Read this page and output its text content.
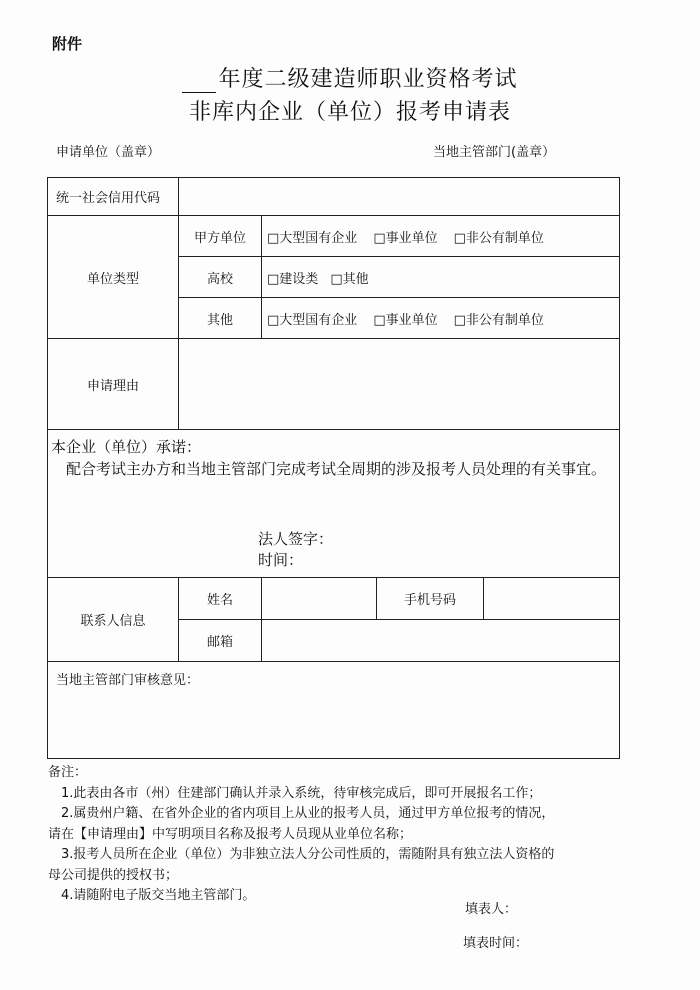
附件
年度二级建造师职业资格考试
非库内企业（单位）报考申请表
申请单位（盖章）	当地主管部门(盖章）
统一社会信用代码				
单位类型	甲方单位	□大型国有企业 □事业单位 □非公有制单位		
	高校	□建设类 □其他		
	其他	□大型国有企业 □事业单位 □非公有制单位		
申请理由				

本企业（单位）承诺：
配合考试主办方和当地主管部门完成考试全周期的涉及报考人员处理的有关事宜。
法人签字：
时间：				

联系人信息	姓名		手机号码	
	邮箱			
当地主管部门审核意见：				
备注：
1.此表由各市（州）住建部门确认并录入系统，待审核完成后，即可开展报名工作；
2.属贵州户籍、在省外企业的省内项目上从业的报考人员，通过甲方单位报考的情况，
请在【申请理由】中写明项目名称及报考人员现从业单位名称；
3.报考人员所在企业（单位）为非独立法人分公司性质的，需随附具有独立法人资格的
母公司提供的授权书；
4.请随附电子版交当地主管部门。
填表人：
填表时间：
